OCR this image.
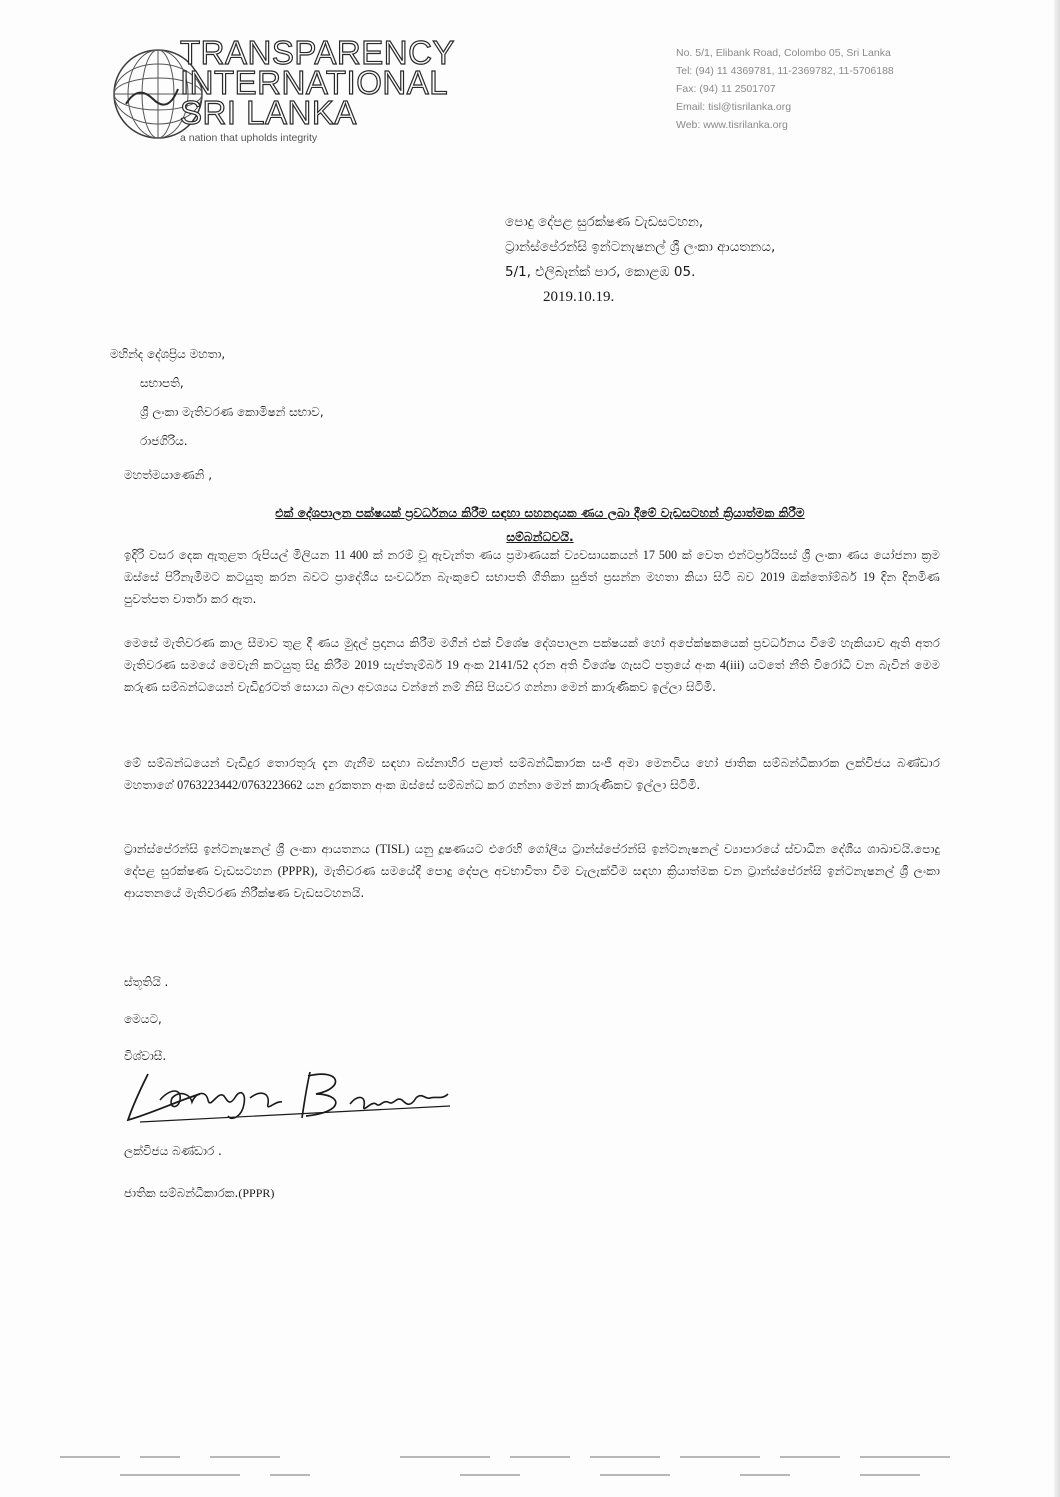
TRANSPARENCY
INTERNATIONAL
SRI LANKA
a nation that upholds integrity
No. 5/1, Elibank Road, Colombo 05, Sri Lanka
Tel: (94) 11 4369781, 11-2369782, 11-5706188
Fax: (94) 11 2501707
Email: tisl@tisrilanka.org
Web: www.tisrilanka.org
පොදු දේපළ සුරක්ෂණ වැඩසටහන,
ට්‍රාන්ස්පේරන්සි ඉන්ටනැෂනල් ශ්‍රී ලංකා ආයතනය,
5/1, එලිබෑන්ක් පාර, කොළඹ 05.
2019.10.19.
මහින්ද දේශප්‍රිය මහතා,
සභාපති,
ශ්‍රී ලංකා මැතිවරණ කොමිෂන් සභාව,
රාජගිරිය.
මහත්මයාණෙනි ,
එක් දේශපාලන පක්ෂයක් ප්‍රවර්ධනය කිරීම සඳහා සහනදායක ණය ලබා දීමේ වැඩසටහන් ක්‍රියාත්මක කිරීම
සම්බන්ධවයි.
ඉදිරි වසර දෙක ඇතුළත රුපියල් මිලියන 11 400 ක් නරම් වූ ඇවැන්ත ණය ප්‍රමාණයක් ව්‍යවසායකයන් 17 500 ක් වෙත එන්ටර්ප්‍රයිසස් ශ්‍රී ලංකා ණය යෝජනා ක්‍රම ඔස්සේ පිරිනැමීමට කටයුතු කරන බවට ප්‍රාදේශීය සංවර්ධන බැංකුවේ සභාපති ගීතිකා සුජිත් ප්‍රසන්න මහතා කියා සිටි බව 2019 ඔක්තෝම්බර් 19 දින දිනමිණ පුවත්පත වාර්තා කර ඇත.
මෙසේ මැතිවරණ කාල සීමාව තුළ දී ණය මුදල් ප්‍රදානය කිරීම මගින් එක් විශේෂ දේශපාලන පක්ෂයක් හෝ අපේක්ෂකයෙක් ප්‍රවර්ධනය වීමේ හැකියාව ඇති අතර මැතිවරණ සමයේ මෙවැනි කටයුතු සිදු කිරීම 2019 සැප්තැම්බර් 19 අංක 2141/52 දරන අති විශේෂ ගැසට් පත්‍රයේ අංක 4(iii) යටතේ නීති විරෝධී වන බැවින් මෙම කරුණ සම්බන්ධයෙන් වැඩිදුරටත් සොයා බලා අවශ්‍යය වන්නේ නම් නිසි පියවර ගන්නා මෙන් කාරුණිකව ඉල්ලා සිටිමි.
මේ සම්බන්ධයෙන් වැඩිදුර තොරතුරු දැන ගැනීම සඳහා බස්නාහිර පළාත් සම්බන්ධීකාරක සංජී අමා මෙනවිය හෝ ජාතික සම්බන්ධීකාරක ලක්විජය බණ්ඩාර මහතාගේ 0763223442/0763223662 යන දුරකතන අංක ඔස්සේ සම්බන්ධ කර ගන්නා මෙන් කාරුණිකව ඉල්ලා සිටිමි.
ට්‍රාන්ස්පේරන්සි ඉන්ටනැෂනල් ශ්‍රී ලංකා ආයතනය (TISL) යනු දූෂණයට එරෙහි ගෝලීය ට්‍රාන්ස්පේරන්සි ඉන්ටනැෂනල් ව්‍යාපාරයේ ස්වාධීන දේශීය ශාඛාවයි.පොදු දේපළ සුරක්ෂණ වැඩසටහන (PPPR), මැතිවරණ සමයේදී පොදු දේපල අවභාවිතා වීම වැලැක්වීම සඳහා ක්‍රියාත්මක වන ට්‍රාන්ස්පේරන්සි ඉන්ටනැෂනල් ශ්‍රී ලංකා ආයතනයේ මැතිවරණ නිරීක්ෂණ වැඩසටහනයි.
ස්තූතියි .
මෙයට,
විශ්වාසී.
ලක්විජය බණ්ඩාර .
ජාතික සම්බන්ධීකාරක.(PPPR)
